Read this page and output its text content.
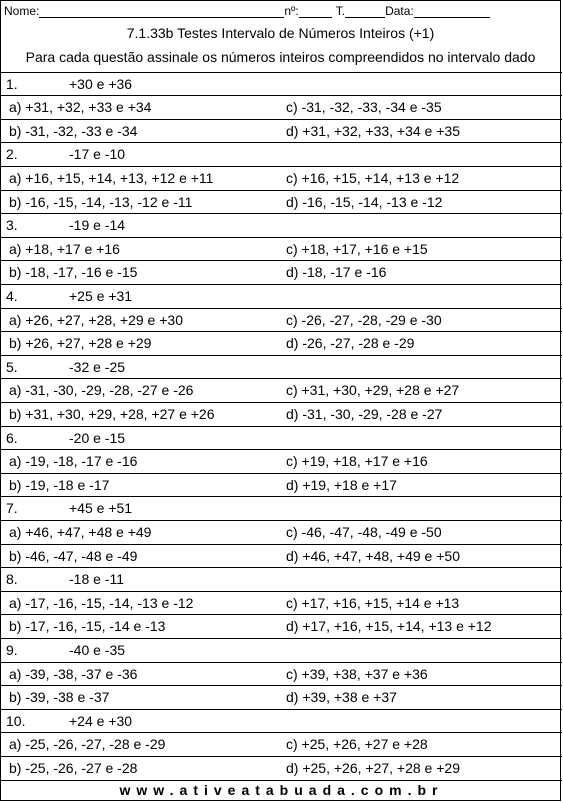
Nome:	nº:	T.	Data:
7.1.33b Testes Intervalo de Números Inteiros (+1)
Para cada questão assinale os números inteiros compreendidos no intervalo dado
1.	+30 e +36
a) +31, +32, +33 e +34	c) -31, -32, -33, -34 e -35
b) -31, -32, -33 e -34	d) +31, +32, +33, +34 e +35
2.	-17 e -10
a) +16, +15, +14, +13, +12 e +11	c) +16, +15, +14, +13 e +12
b) -16, -15, -14, -13, -12 e -11	d) -16, -15, -14, -13 e -12
3.	-19 e -14
a) +18, +17 e +16	c) +18, +17, +16 e +15
b) -18, -17, -16 e -15	d) -18, -17 e -16
4.	+25 e +31
a) +26, +27, +28, +29 e +30	c) -26, -27, -28, -29 e -30
b) +26, +27, +28 e +29	d) -26, -27, -28 e -29
5.	-32 e -25
a) -31, -30, -29, -28, -27 e -26	c) +31, +30, +29, +28 e +27
b) +31, +30, +29, +28, +27 e +26	d) -31, -30, -29, -28 e -27
6.	-20 e -15
a) -19, -18, -17 e -16	c) +19, +18, +17 e +16
b) -19, -18 e -17	d) +19, +18 e +17
7.	+45 e +51
a) +46, +47, +48 e +49	c) -46, -47, -48, -49 e -50
b) -46, -47, -48 e -49	d) +46, +47, +48, +49 e +50
8.	-18 e -11
a) -17, -16, -15, -14, -13 e -12	c) +17, +16, +15, +14 e +13
b) -17, -16, -15, -14 e -13	d) +17, +16, +15, +14, +13 e +12
9.	-40 e -35
a) -39, -38, -37 e -36	c) +39, +38, +37 e +36
b) -39, -38 e -37	d) +39, +38 e +37
10.	+24 e +30
a) -25, -26, -27, -28 e -29	c) +25, +26, +27 e +28
b) -25, -26, -27 e -28	d) +25, +26, +27, +28 e +29
www.ativeatabuada.com.br
